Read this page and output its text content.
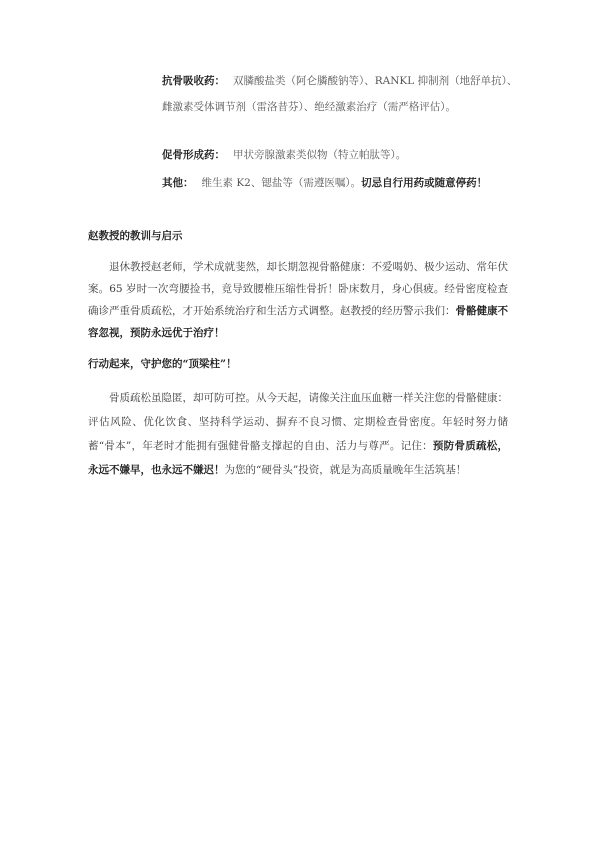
抗骨吸收药： 双膦酸盐类（阿仑膦酸钠等）、RANKL 抑制剂（地舒单抗）、雌激素受体调节剂（雷洛昔芬）、绝经激素治疗（需严格评估）。
促骨形成药： 甲状旁腺激素类似物（特立帕肽等）。
其他： 维生素 K2、锶盐等（需遵医嘱）。切忌自行用药或随意停药！
赵教授的教训与启示
退休教授赵老师，学术成就斐然，却长期忽视骨骼健康：不爱喝奶、极少运动、常年伏案。65 岁时一次弯腰捡书，竟导致腰椎压缩性骨折！卧床数月，身心俱疲。经骨密度检查确诊严重骨质疏松，才开始系统治疗和生活方式调整。赵教授的经历警示我们：骨骼健康不容忽视，预防永远优于治疗！
行动起来，守护您的“顶梁柱”！
骨质疏松虽隐匿，却可防可控。从今天起，请像关注血压血糖一样关注您的骨骼健康：评估风险、优化饮食、坚持科学运动、摒弃不良习惯、定期检查骨密度。年轻时努力储蓄“骨本”，年老时才能拥有强健骨骼支撑起的自由、活力与尊严。记住：预防骨质疏松，永远不嫌早，也永远不嫌迟！为您的“硬骨头”投资，就是为高质量晚年生活筑基！
